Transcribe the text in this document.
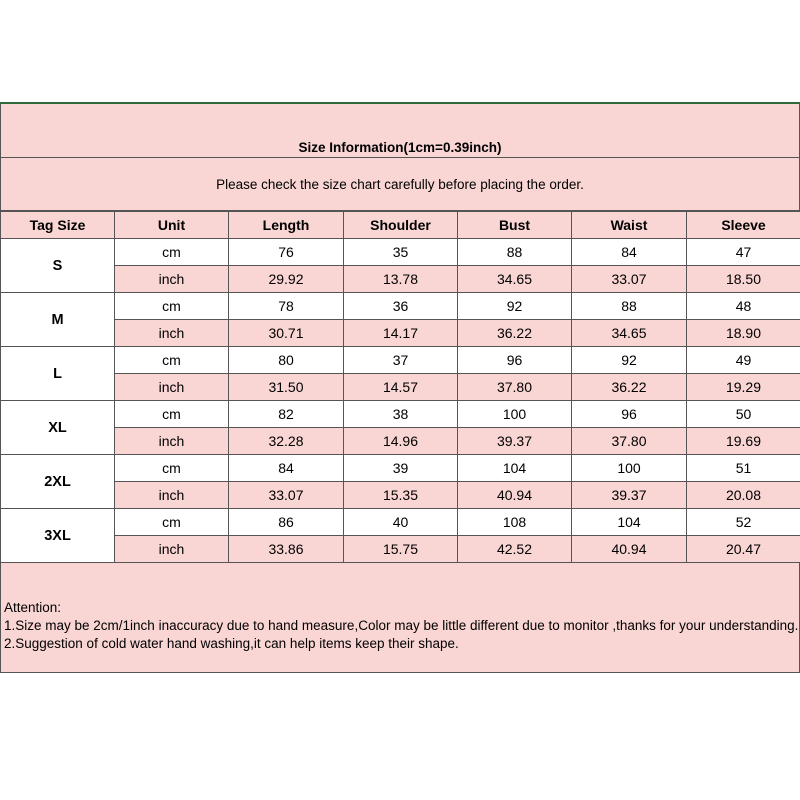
Size Information(1cm=0.39inch)
Please check the size chart carefully before placing the order.
Tag Size	Unit	Length	Shoulder	Bust	Waist	Sleeve
S	cm	76	35	88	84	47
	inch	29.92	13.78	34.65	33.07	18.50
M	cm	78	36	92	88	48
	inch	30.71	14.17	36.22	34.65	18.90
L	cm	80	37	96	92	49
	inch	31.50	14.57	37.80	36.22	19.29
XL	cm	82	38	100	96	50
	inch	32.28	14.96	39.37	37.80	19.69
2XL	cm	84	39	104	100	51
	inch	33.07	15.35	40.94	39.37	20.08
3XL	cm	86	40	108	104	52
	inch	33.86	15.75	42.52	40.94	20.47
Attention:
1.Size may be 2cm/1inch inaccuracy due to hand measure,Color may be little different due to monitor ,thanks for your understanding.
2.Suggestion of cold water hand washing,it can help items keep their shape.
